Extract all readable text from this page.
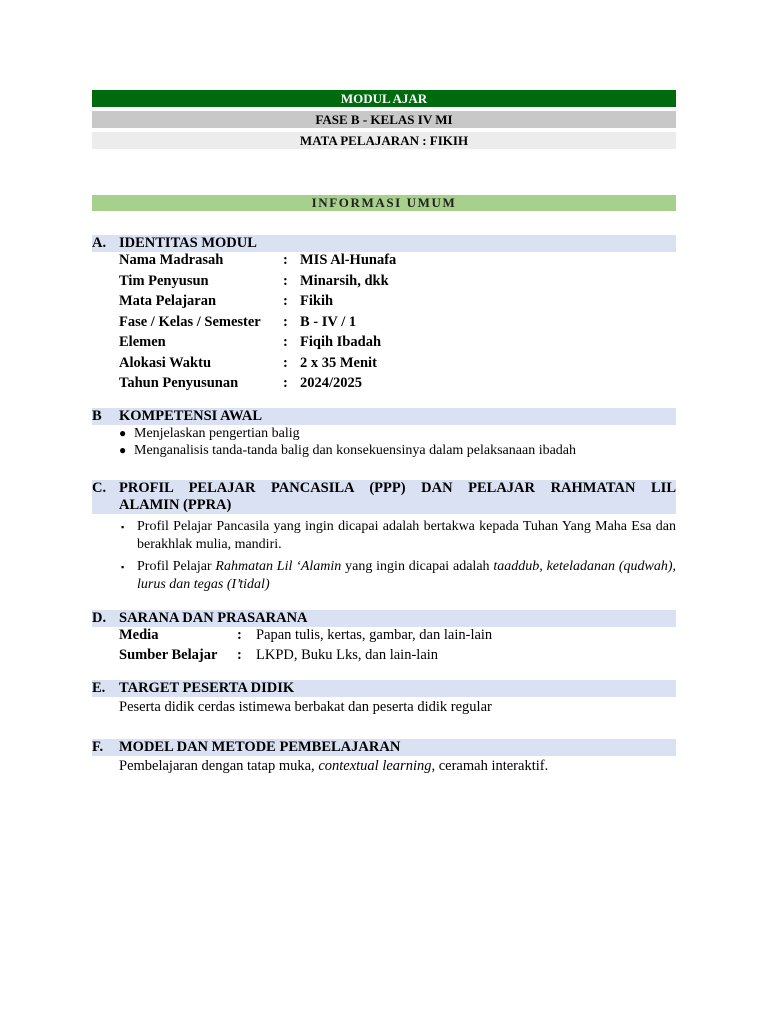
MODUL AJAR
FASE B - KELAS IV MI
MATA PELAJARAN : FIKIH
INFORMASI UMUM
A. IDENTITAS MODUL
Nama Madrasah	:	MIS Al-Hunafa
Tim Penyusun	:	Minarsih, dkk
Mata Pelajaran	:	Fikih
Fase / Kelas / Semester	:	B - IV / 1
Elemen	:	Fiqih Ibadah
Alokasi Waktu	:	2 x 35 Menit
Tahun Penyusunan	:	2024/2025
B	KOMPETENSI AWAL
● Menjelaskan pengertian balig
● Menganalisis tanda-tanda balig dan konsekuensinya dalam pelaksanaan ibadah
C. PROFIL PELAJAR PANCASILA (PPP) DAN PELAJAR RAHMATAN LIL
ALAMIN (PPRA)
▪ Profil Pelajar Pancasila yang ingin dicapai adalah bertakwa kepada Tuhan Yang Maha Esa dan berakhlak mulia, mandiri.
▪ Profil Pelajar Rahmatan Lil ‘Alamin yang ingin dicapai adalah taaddub, keteladanan (qudwah), lurus dan tegas (I’tidal)
D. SARANA DAN PRASARANA
Media	:	Papan tulis, kertas, gambar, dan lain-lain
Sumber Belajar	:	LKPD, Buku Lks, dan lain-lain
E. TARGET PESERTA DIDIK
Peserta didik cerdas istimewa berbakat dan peserta didik regular
F.	MODEL DAN METODE PEMBELAJARAN
Pembelajaran dengan tatap muka, contextual learning, ceramah interaktif.
